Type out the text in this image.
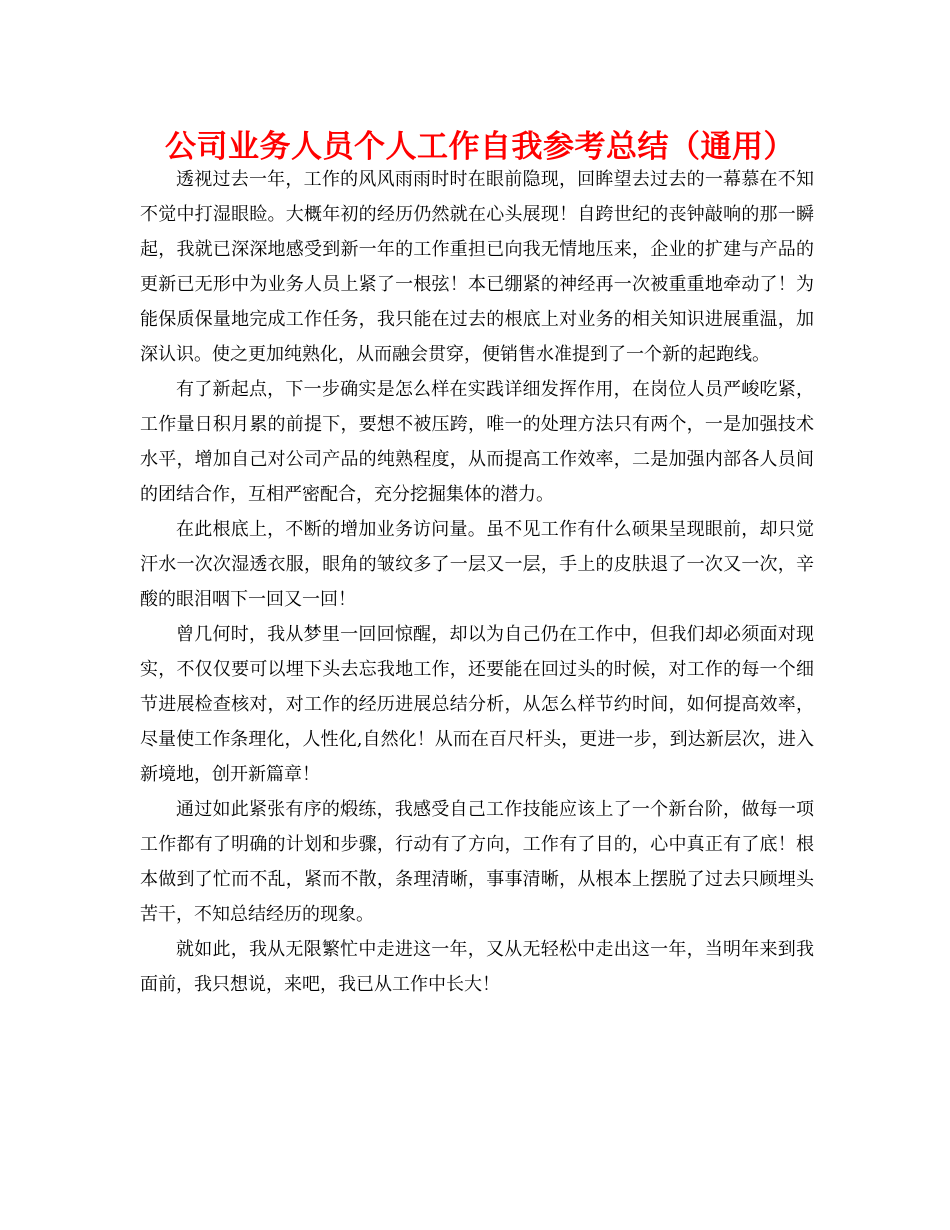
公司业务人员个人工作自我参考总结（通用）

透视过去一年，工作的风风雨雨时时在眼前隐现，回眸望去过去的一幕慕在不知不觉中打湿眼睑。大概年初的经历仍然就在心头展现！自跨世纪的丧钟敲响的那一瞬起，我就已深深地感受到新一年的工作重担已向我无情地压来，企业的扩建与产品的更新已无形中为业务人员上紧了一根弦！本已绷紧的神经再一次被重重地牵动了！为能保质保量地完成工作任务，我只能在过去的根底上对业务的相关知识进展重温，加深认识。使之更加纯熟化，从而融会贯穿，便销售水准提到了一个新的起跑线。

有了新起点，下一步确实是怎么样在实践详细发挥作用，在岗位人员严峻吃紧，工作量日积月累的前提下，要想不被压跨，唯一的处理方法只有两个，一是加强技术水平，增加自己对公司产品的纯熟程度，从而提高工作效率，二是加强内部各人员间的团结合作，互相严密配合，充分挖掘集体的潜力。

在此根底上，不断的增加业务访问量。虽不见工作有什么硕果呈现眼前，却只觉汗水一次次湿透衣服，眼角的皱纹多了一层又一层，手上的皮肤退了一次又一次，辛酸的眼泪咽下一回又一回！

曾几何时，我从梦里一回回惊醒，却以为自己仍在工作中，但我们却必须面对现实，不仅仅要可以埋下头去忘我地工作，还要能在回过头的时候，对工作的每一个细节进展检查核对，对工作的经历进展总结分析，从怎么样节约时间，如何提高效率，尽量使工作条理化，人性化,自然化！从而在百尺杆头，更进一步，到达新层次，进入新境地，创开新篇章！

通过如此紧张有序的煅练，我感受自己工作技能应该上了一个新台阶，做每一项工作都有了明确的计划和步骤，行动有了方向，工作有了目的，心中真正有了底！根本做到了忙而不乱，紧而不散，条理清晰，事事清晰，从根本上摆脱了过去只顾埋头苦干，不知总结经历的现象。

就如此，我从无限繁忙中走进这一年，又从无轻松中走出这一年，当明年来到我面前，我只想说，来吧，我已从工作中长大！
